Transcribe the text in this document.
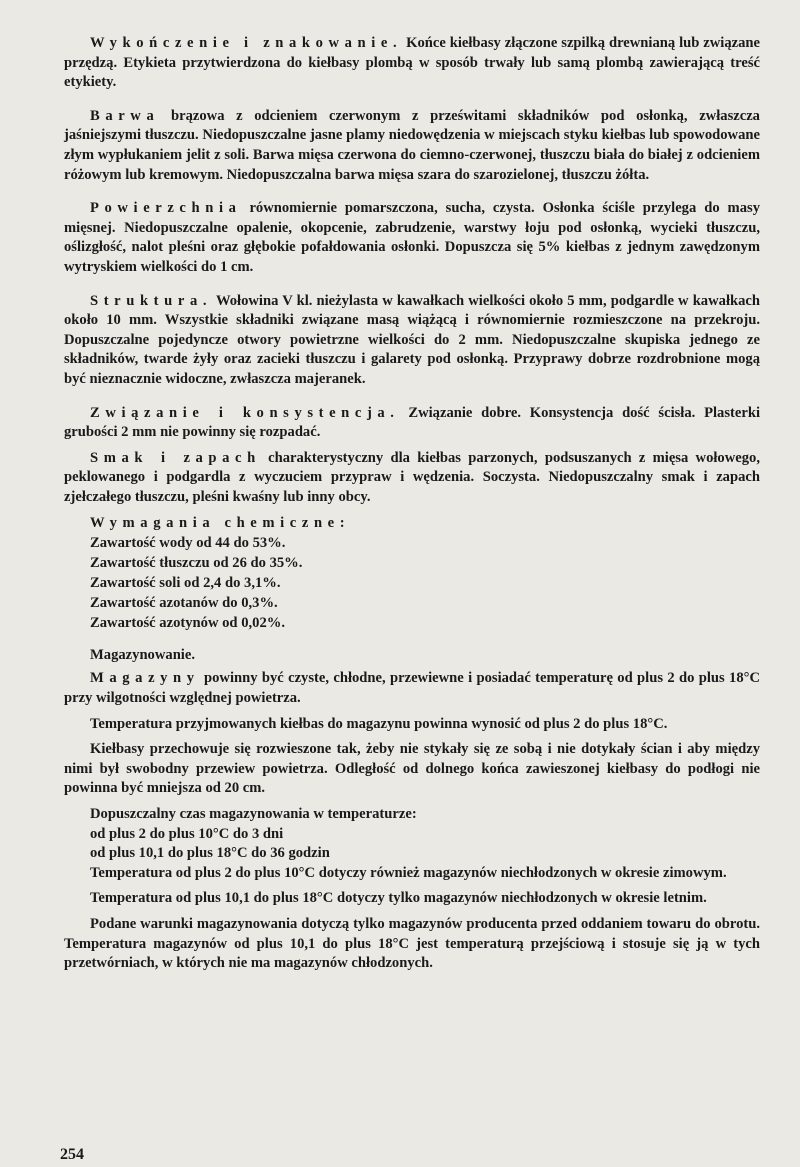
Wykończenie i znakowanie. Końce kiełbasy złączone szpilką drewnianą lub związane przędzą. Etykieta przytwierdzona do kiełbasy plombą w sposób trwały lub samą plombą zawierającą treść etykiety.

Barwa brązowa z odcieniem czerwonym z prześwitami składników pod osłonką, zwłaszcza jaśniejszymi tłuszczu. Niedopuszczalne jasne plamy niedowędzenia w miejscach styku kiełbas lub spowodowane złym wypłukaniem jelit z soli. Barwa mięsa czerwona do ciemno-czerwonej, tłuszczu biała do białej z odcieniem różowym lub kremowym. Niedopuszczalna barwa mięsa szara do szarozielonej, tłuszczu żółta.

Powierzchnia równomiernie pomarszczona, sucha, czysta. Osłonka ściśle przylega do masy mięsnej. Niedopuszczalne opalenie, okopcenie, zabrudzenie, warstwy łoju pod osłonką, wycieki tłuszczu, oślizgłość, nalot pleśni oraz głębokie pofałdowania osłonki. Dopuszcza się 5% kiełbas z jednym zawędzonym wytryskiem wielkości do 1 cm.

Struktura. Wołowina V kl. nieżylasta w kawałkach wielkości około 5 mm, podgardle w kawałkach około 10 mm. Wszystkie składniki związane masą wiążącą i równomiernie rozmieszczone na przekroju. Dopuszczalne pojedyncze otwory powietrzne wielkości do 2 mm. Niedopuszczalne skupiska jednego ze składników, twarde żyły oraz zacieki tłuszczu i galarety pod osłonką. Przyprawy dobrze rozdrobnione mogą być nieznacznie widoczne, zwłaszcza majeranek.

Związanie i konsystencja. Związanie dobre. Konsystencja dość ścisła. Plasterki grubości 2 mm nie powinny się rozpadać.

Smak i zapach charakterystyczny dla kiełbas parzonych, podsuszanych z mięsa wołowego, peklowanego i podgardla z wyczuciem przypraw i wędzenia. Soczysta. Niedopuszczalny smak i zapach zjełczałego tłuszczu, pleśni kwaśny lub inny obcy.

Wymagania chemiczne:
Zawartość wody od 44 do 53%.
Zawartość tłuszczu od 26 do 35%.
Zawartość soli od 2,4 do 3,1%.
Zawartość azotanów do 0,3%.
Zawartość azotynów od 0,02%.
Magazynowanie.

Magazyny powinny być czyste, chłodne, przewiewne i posiadać temperaturę od plus 2 do plus 18°C przy wilgotności względnej powietrza.

Temperatura przyjmowanych kiełbas do magazynu powinna wynosić od plus 2 do plus 18°C.

Kiełbasy przechowuje się rozwieszone tak, żeby nie stykały się ze sobą i nie dotykały ścian i aby między nimi był swobodny przewiew powietrza. Odległość od dolnego końca zawieszonej kiełbasy do podłogi nie powinna być mniejsza od 20 cm.

Dopuszczalny czas magazynowania w temperaturze:

od plus 2 do plus 10°C do 3 dni

od plus 10,1 do plus 18°C do 36 godzin

Temperatura od plus 2 do plus 10°C dotyczy również magazynów niechłodzonych w okresie zimowym.

Temperatura od plus 10,1 do plus 18°C dotyczy tylko magazynów niechłodzonych w okresie letnim.

Podane warunki magazynowania dotyczą tylko magazynów producenta przed oddaniem towaru do obrotu. Temperatura magazynów od plus 10,1 do plus 18°C jest temperaturą przejściową i stosuje się ją w tych przetwórniach, w których nie ma magazynów chłodzonych.

254
